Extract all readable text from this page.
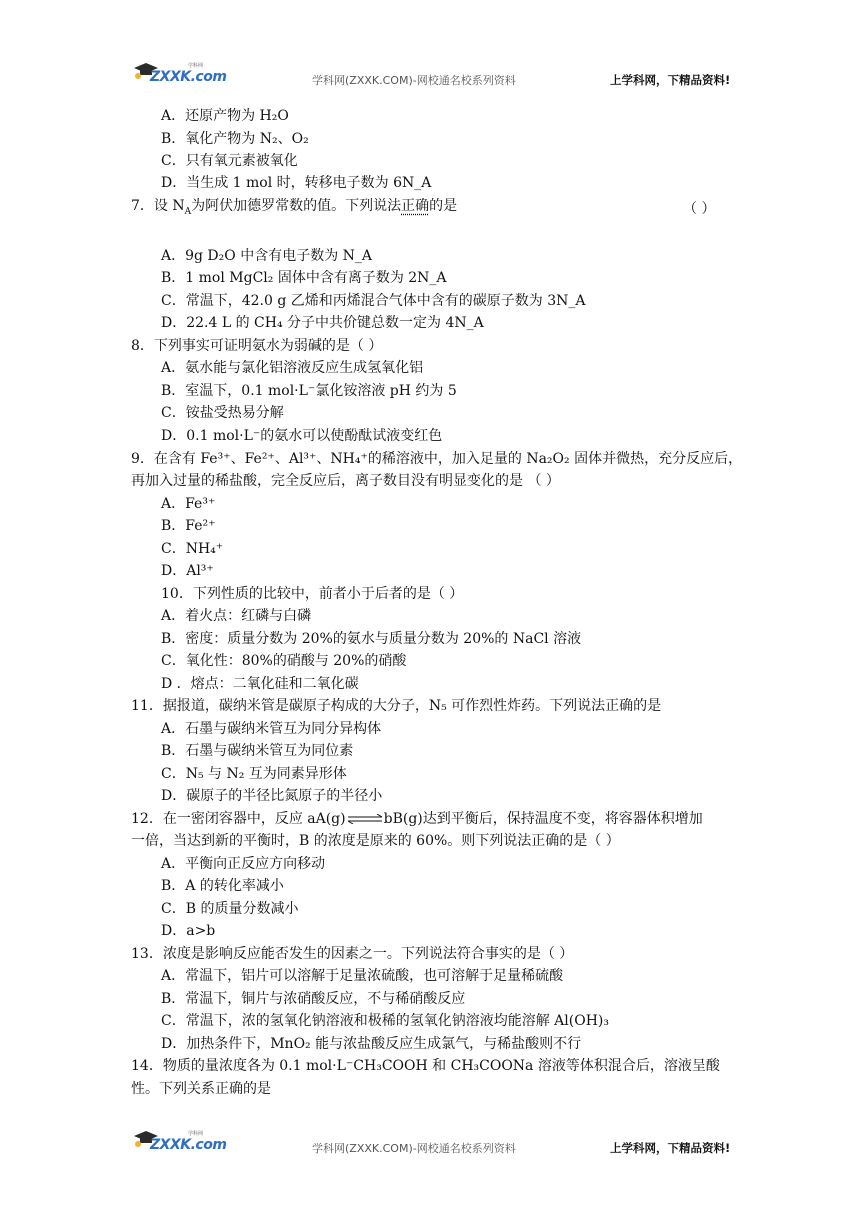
ZXXK.com
学科网
学科网(ZXXK.COM)-网校通名校系列资料	上学科网，下精品资料!
A．还原产物为 H₂O
B．氧化产物为 N₂、O₂
C．只有氧元素被氧化
D．当生成 1 mol 时，转移电子数为 6N_A
7．设 $N_A$为阿伏加德罗常数的值。下列说法正确的是	（ ）
A．9g D₂O 中含有电子数为 N_A
B．1 mol MgCl₂ 固体中含有离子数为 2N_A
C．常温下，42.0 g 乙烯和丙烯混合气体中含有的碳原子数为 3N_A
D．22.4 L 的 CH₄ 分子中共价键总数一定为 4N_A
8．下列事实可证明氨水为弱碱的是（ ）
A．氨水能与氯化铝溶液反应生成氢氧化铝
B．室温下，0.1 mol·L⁻氯化铵溶液 pH 约为 5
C．铵盐受热易分解
D．0.1 mol·L⁻的氨水可以使酚酞试液变红色
9．在含有 Fe³⁺、Fe²⁺、Al³⁺、NH₄⁺的稀溶液中，加入足量的 Na₂O₂ 固体并微热，充分反应后，
再加入过量的稀盐酸，完全反应后，离子数目没有明显变化的是 （ ）
A．Fe³⁺
B．Fe²⁺
C．NH₄⁺
D．Al³⁺
10．下列性质的比较中，前者小于后者的是（ ）
A．着火点：红磷与白磷
B．密度：质量分数为 20%的氨水与质量分数为 20%的 NaCl 溶液
C．氧化性：80%的硝酸与 20%的硝酸
D ．熔点：二氧化硅和二氧化碳
11．据报道，碳纳米管是碳原子构成的大分子，N₅ 可作烈性炸药。下列说法正确的是
A．石墨与碳纳米管互为同分异构体
B．石墨与碳纳米管互为同位素
C．N₅ 与 N₂ 互为同素异形体
D．碳原子的半径比氮原子的半径小
12．在一密闭容器中，反应 aA(g)⇌bB(g)达到平衡后，保持温度不变，将容器体积增加
一倍，当达到新的平衡时，B 的浓度是原来的 60%。则下列说法正确的是（ ）
A．平衡向正反应方向移动
B．A 的转化率减小
C．B 的质量分数减小
D．a>b
13．浓度是影响反应能否发生的因素之一。下列说法符合事实的是（ ）
A．常温下，铝片可以溶解于足量浓硫酸，也可溶解于足量稀硫酸
B．常温下，铜片与浓硝酸反应，不与稀硝酸反应
C．常温下，浓的氢氧化钠溶液和极稀的氢氧化钠溶液均能溶解 Al(OH)₃
D．加热条件下，MnO₂ 能与浓盐酸反应生成氯气，与稀盐酸则不行
14．物质的量浓度各为 0.1 mol·L⁻CH₃COOH 和 CH₃COONa 溶液等体积混合后，溶液呈酸
性。下列关系正确的是
ZXXK.com
学科网
学科网(ZXXK.COM)-网校通名校系列资料	上学科网，下精品资料!
